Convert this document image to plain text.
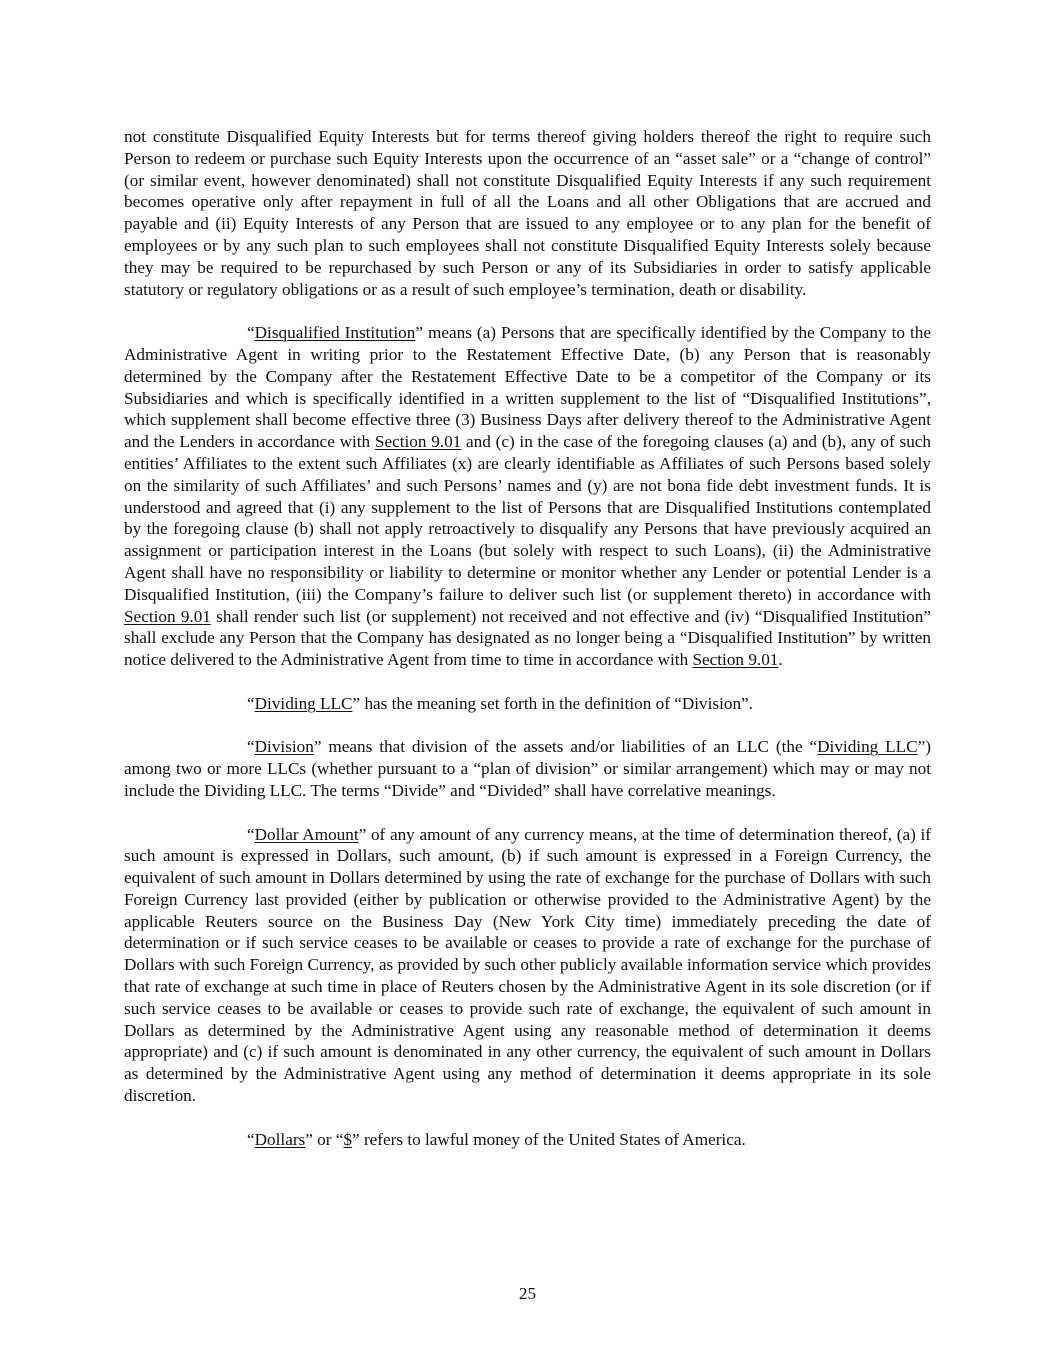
not constitute Disqualified Equity Interests but for terms thereof giving holders thereof the right to require such Person to redeem or purchase such Equity Interests upon the occurrence of an “asset sale” or a “change of control” (or similar event, however denominated) shall not constitute Disqualified Equity Interests if any such requirement becomes operative only after repayment in full of all the Loans and all other Obligations that are accrued and payable and (ii) Equity Interests of any Person that are issued to any employee or to any plan for the benefit of employees or by any such plan to such employees shall not constitute Disqualified Equity Interests solely because they may be required to be repurchased by such Person or any of its Subsidiaries in order to satisfy applicable statutory or regulatory obligations or as a result of such employee’s termination, death or disability.

“Disqualified Institution” means (a) Persons that are specifically identified by the Company to the Administrative Agent in writing prior to the Restatement Effective Date, (b) any Person that is reasonably determined by the Company after the Restatement Effective Date to be a competitor of the Company or its Subsidiaries and which is specifically identified in a written supplement to the list of “Disqualified Institutions”, which supplement shall become effective three (3) Business Days after delivery thereof to the Administrative Agent and the Lenders in accordance with Section 9.01 and (c) in the case of the foregoing clauses (a) and (b), any of such entities’ Affiliates to the extent such Affiliates (x) are clearly identifiable as Affiliates of such Persons based solely on the similarity of such Affiliates’ and such Persons’ names and (y) are not bona fide debt investment funds. It is understood and agreed that (i) any supplement to the list of Persons that are Disqualified Institutions contemplated by the foregoing clause (b) shall not apply retroactively to disqualify any Persons that have previously acquired an assignment or participation interest in the Loans (but solely with respect to such Loans), (ii) the Administrative Agent shall have no responsibility or liability to determine or monitor whether any Lender or potential Lender is a Disqualified Institution, (iii) the Company’s failure to deliver such list (or supplement thereto) in accordance with Section 9.01 shall render such list (or supplement) not received and not effective and (iv) “Disqualified Institution” shall exclude any Person that the Company has designated as no longer being a “Disqualified Institution” by written notice delivered to the Administrative Agent from time to time in accordance with Section 9.01.

“Dividing LLC” has the meaning set forth in the definition of “Division”.

“Division” means that division of the assets and/or liabilities of an LLC (the “Dividing LLC”) among two or more LLCs (whether pursuant to a “plan of division” or similar arrangement) which may or may not include the Dividing LLC. The terms “Divide” and “Divided” shall have correlative meanings.

“Dollar Amount” of any amount of any currency means, at the time of determination thereof, (a) if such amount is expressed in Dollars, such amount, (b) if such amount is expressed in a Foreign Currency, the equivalent of such amount in Dollars determined by using the rate of exchange for the purchase of Dollars with such Foreign Currency last provided (either by publication or otherwise provided to the Administrative Agent) by the applicable Reuters source on the Business Day (New York City time) immediately preceding the date of determination or if such service ceases to be available or ceases to provide a rate of exchange for the purchase of Dollars with such Foreign Currency, as provided by such other publicly available information service which provides that rate of exchange at such time in place of Reuters chosen by the Administrative Agent in its sole discretion (or if such service ceases to be available or ceases to provide such rate of exchange, the equivalent of such amount in Dollars as determined by the Administrative Agent using any reasonable method of determination it deems appropriate) and (c) if such amount is denominated in any other currency, the equivalent of such amount in Dollars as determined by the Administrative Agent using any method of determination it deems appropriate in its sole discretion.

“Dollars” or “$” refers to lawful money of the United States of America.

25
